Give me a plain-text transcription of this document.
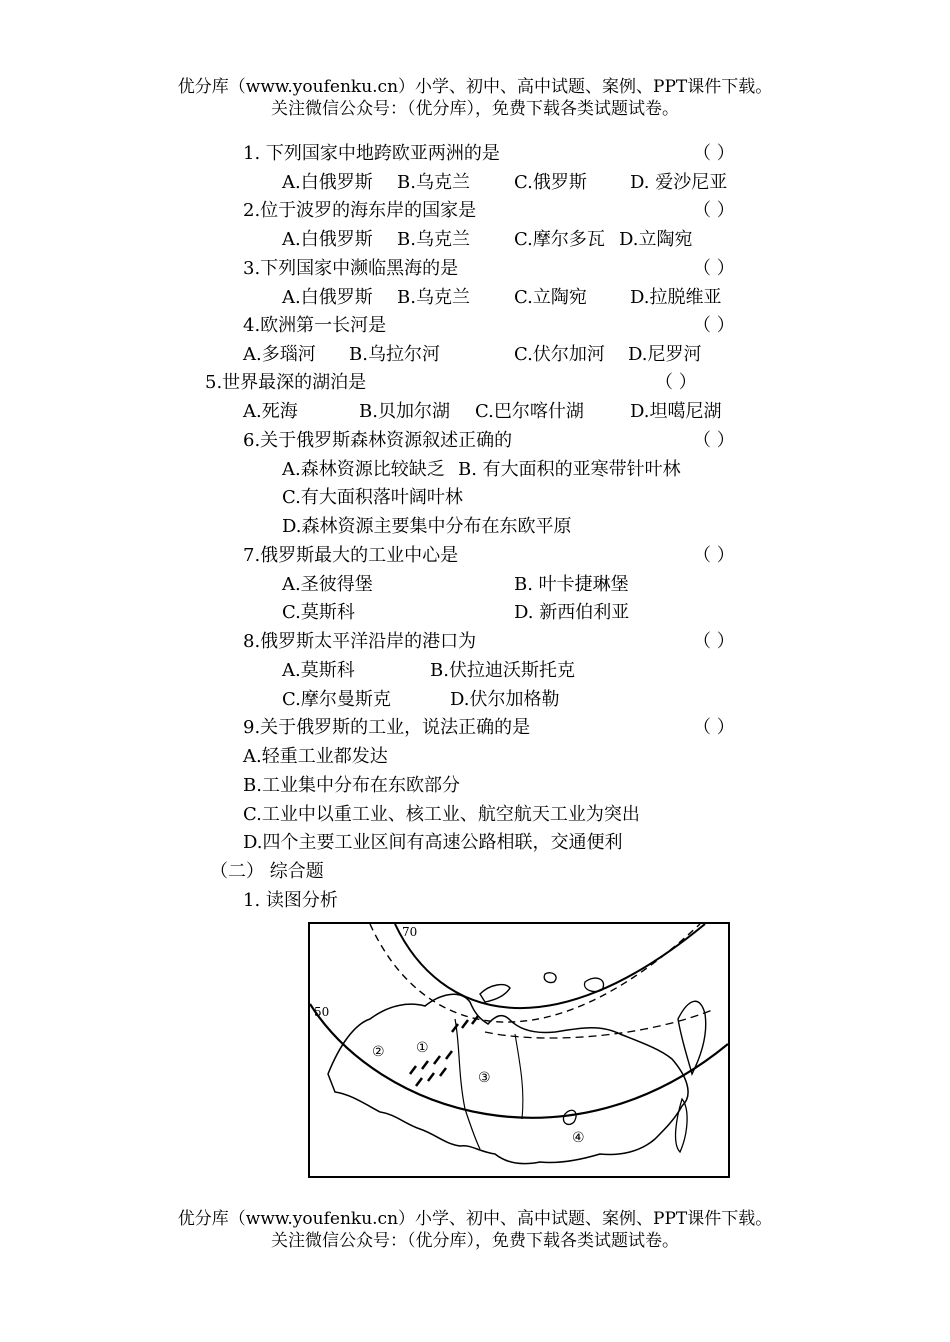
优分库（www.youfenku.cn）小学、初中、高中试题、案例、PPT课件下载。
关注微信公众号：（优分库），免费下载各类试题试卷。
1. 下列国家中地跨欧亚两洲的是	（ ）
A.白俄罗斯 B.乌克兰 C.俄罗斯 D. 爱沙尼亚
2.位于波罗的海东岸的国家是	（ ）
A.白俄罗斯 B.乌克兰 C.摩尔多瓦 D.立陶宛
3.下列国家中濒临黑海的是	（ ）
A.白俄罗斯 B.乌克兰 C.立陶宛 D.拉脱维亚
4.欧洲第一长河是	（ ）
A.多瑙河 B.乌拉尔河	C.伏尔加河 D.尼罗河
5.世界最深的湖泊是	（ ）
A.死海	B.贝加尔湖 C.巴尔喀什湖	D.坦噶尼湖
6.关于俄罗斯森林资源叙述正确的	（ ）
A.森林资源比较缺乏 B. 有大面积的亚寒带针叶林
C.有大面积落叶阔叶林
D.森林资源主要集中分布在东欧平原
7.俄罗斯最大的工业中心是	（ ）
A.圣彼得堡	B. 叶卡捷琳堡
C.莫斯科	D. 新西伯利亚
8.俄罗斯太平洋沿岸的港口为	（ ）
A.莫斯科	B.伏拉迪沃斯托克
C.摩尔曼斯克	D.伏尔加格勒
9.关于俄罗斯的工业，说法正确的是	（ ）
A.轻重工业都发达
B.工业集中分布在东欧部分
C.工业中以重工业、核工业、航空航天工业为突出
D.四个主要工业区间有高速公路相联，交通便利
（二） 综合题
1. 读图分析
70
50
①
②
③
④
优分库（www.youfenku.cn）小学、初中、高中试题、案例、PPT课件下载。
关注微信公众号：（优分库），免费下载各类试题试卷。
